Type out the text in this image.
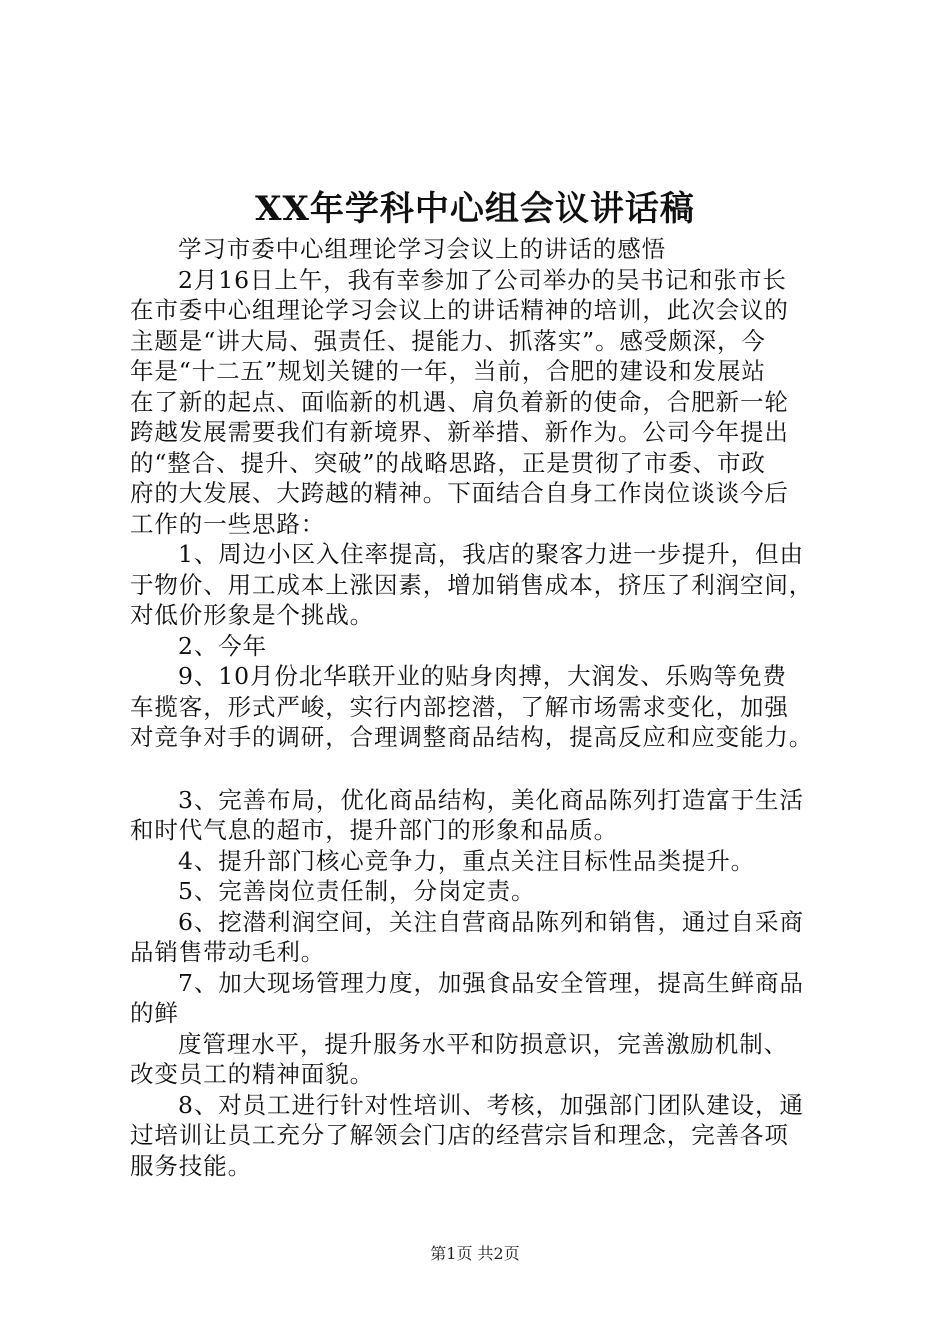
XX年学科中心组会议讲话稿
学习市委中心组理论学习会议上的讲话的感悟
2月16日上午，我有幸参加了公司举办的吴书记和张市长
在市委中心组理论学习会议上的讲话精神的培训，此次会议的
主题是“讲大局、强责任、提能力、抓落实”。感受颇深，今
年是“十二五”规划关键的一年，当前，合肥的建设和发展站
在了新的起点、面临新的机遇、肩负着新的使命，合肥新一轮
跨越发展需要我们有新境界、新举措、新作为。公司今年提出
的“整合、提升、突破”的战略思路，正是贯彻了市委、市政
府的大发展、大跨越的精神。下面结合自身工作岗位谈谈今后
工作的一些思路：
1、周边小区入住率提高，我店的聚客力进一步提升，但由
于物价、用工成本上涨因素，增加销售成本，挤压了利润空间，
对低价形象是个挑战。
2、今年
9、10月份北华联开业的贴身肉搏，大润发、乐购等免费
车揽客，形式严峻，实行内部挖潜，了解市场需求变化，加强
对竞争对手的调研，合理调整商品结构，提高反应和应变能力。
3、完善布局，优化商品结构，美化商品陈列打造富于生活
和时代气息的超市，提升部门的形象和品质。
4、提升部门核心竞争力，重点关注目标性品类提升。
5、完善岗位责任制，分岗定责。
6、挖潜利润空间，关注自营商品陈列和销售，通过自采商
品销售带动毛利。
7、加大现场管理力度，加强食品安全管理，提高生鲜商品
的鲜
度管理水平，提升服务水平和防损意识，完善激励机制、
改变员工的精神面貌。
8、对员工进行针对性培训、考核，加强部门团队建设，通
过培训让员工充分了解领会门店的经营宗旨和理念，完善各项
服务技能。
第1页 共2页
